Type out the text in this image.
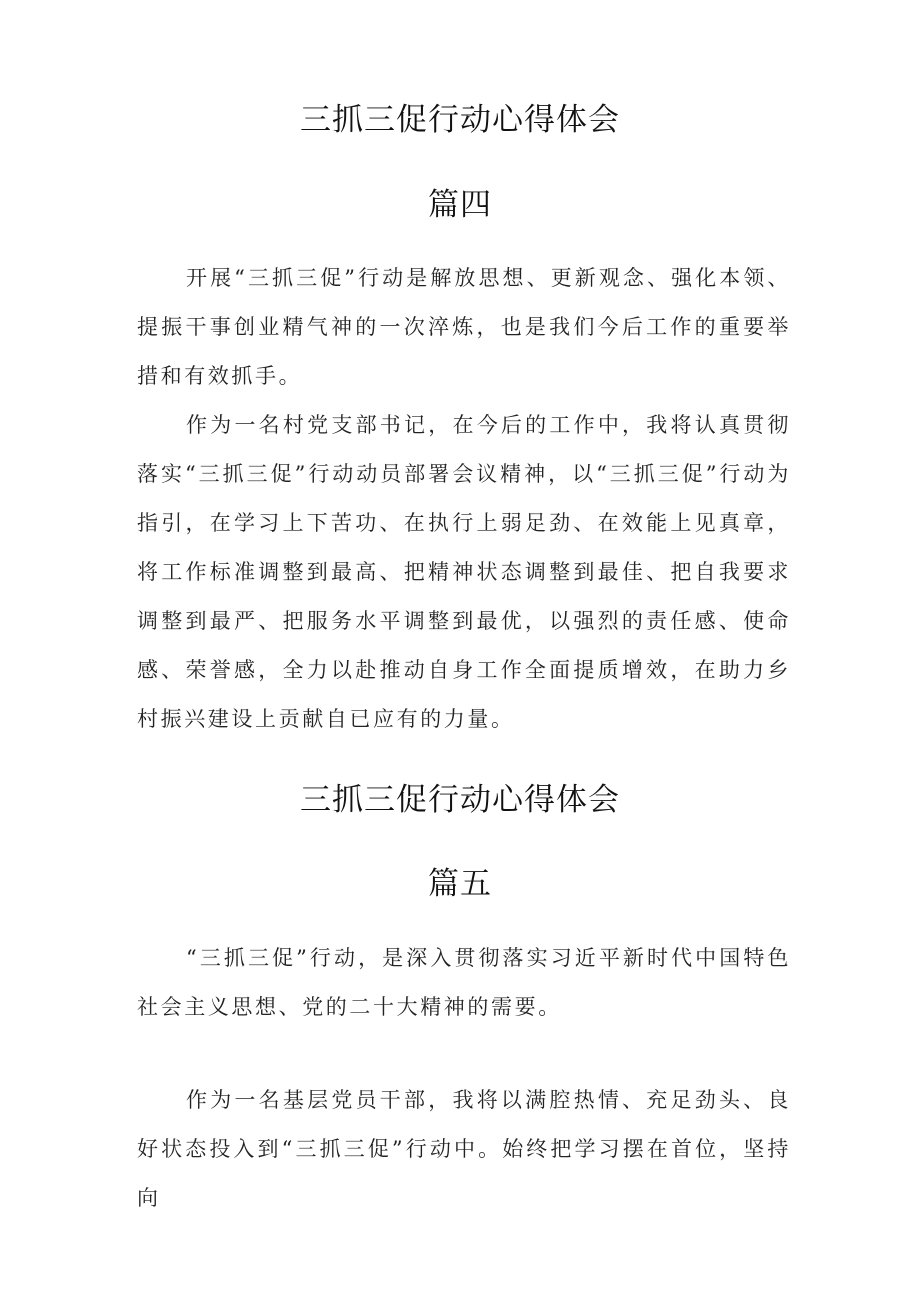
三抓三促行动心得体会
篇四

开展“三抓三促”行动是解放思想、更新观念、强化本领、提振干事创业精气神的一次淬炼，也是我们今后工作的重要举措和有效抓手。

作为一名村党支部书记，在今后的工作中，我将认真贯彻落实“三抓三促”行动动员部署会议精神，以“三抓三促”行动为指引，在学习上下苦功、在执行上弱足劲、在效能上见真章，将工作标准调整到最高、把精神状态调整到最佳、把自我要求调整到最严、把服务水平调整到最优，以强烈的责任感、使命感、荣誉感，全力以赴推动自身工作全面提质增效，在助力乡村振兴建设上贡献自已应有的力量。

三抓三促行动心得体会
篇五

“三抓三促”行动，是深入贯彻落实习近平新时代中国特色社会主义思想、党的二十大精神的需要。

作为一名基层党员干部，我将以满腔热情、充足劲头、良好状态投入到“三抓三促”行动中。始终把学习摆在首位，坚持向
